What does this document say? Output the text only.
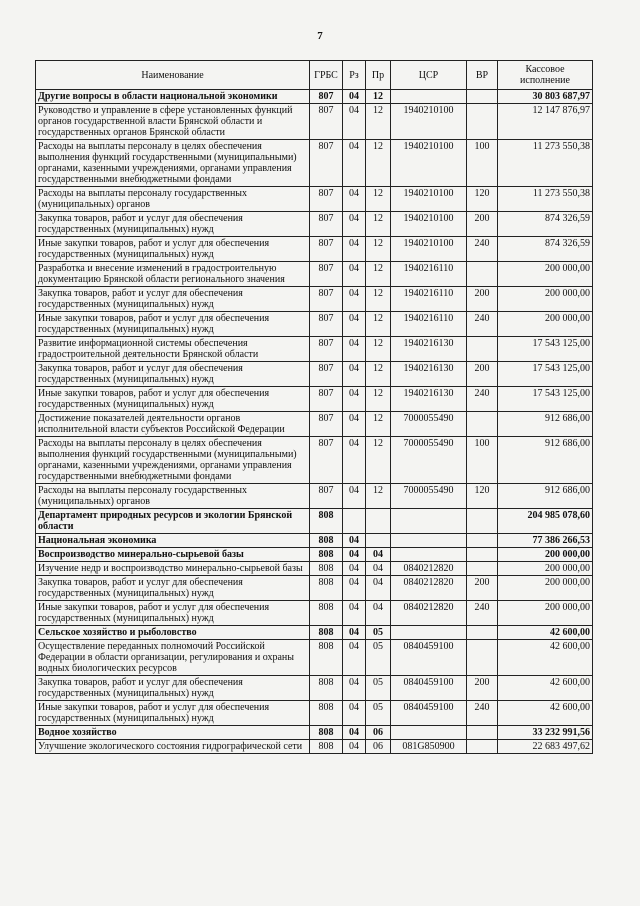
7
Наименование	ГРБС	Рз	Пр	ЦСР	ВР	Кассовое исполнение
Другие вопросы в области национальной экономики	807	04	12			30 803 687,97
Руководство и управление в сфере установленных функций органов государственной власти Брянской области и государственных органов Брянской области	807	04	12	1940210100		12 147 876,97
Расходы на выплаты персоналу в целях обеспечения выполнения функций государственными (муниципальными) органами, казенными учреждениями, органами управления государственными внебюджетными фондами	807	04	12	1940210100	100	11 273 550,38
Расходы на выплаты персоналу государственных (муниципальных) органов	807	04	12	1940210100	120	11 273 550,38
Закупка товаров, работ и услуг для обеспечения государственных (муниципальных) нужд	807	04	12	1940210100	200	874 326,59
Иные закупки товаров, работ и услуг для обеспечения государственных (муниципальных) нужд	807	04	12	1940210100	240	874 326,59
Разработка и внесение изменений в градостроительную документацию Брянской области регионального значения	807	04	12	1940216110		200 000,00
Закупка товаров, работ и услуг для обеспечения государственных (муниципальных) нужд	807	04	12	1940216110	200	200 000,00
Иные закупки товаров, работ и услуг для обеспечения государственных (муниципальных) нужд	807	04	12	1940216110	240	200 000,00
Развитие информационной системы обеспечения градостроительной деятельности Брянской области	807	04	12	1940216130		17 543 125,00
Закупка товаров, работ и услуг для обеспечения государственных (муниципальных) нужд	807	04	12	1940216130	200	17 543 125,00
Иные закупки товаров, работ и услуг для обеспечения государственных (муниципальных) нужд	807	04	12	1940216130	240	17 543 125,00
Достижение показателей деятельности органов исполнительной власти субъектов Российской Федерации	807	04	12	7000055490		912 686,00
Расходы на выплаты персоналу в целях обеспечения выполнения функций государственными (муниципальными) органами, казенными учреждениями, органами управления государственными внебюджетными фондами	807	04	12	7000055490	100	912 686,00
Расходы на выплаты персоналу государственных (муниципальных) органов	807	04	12	7000055490	120	912 686,00
Департамент природных ресурсов и экологии Брянской области	808					204 985 078,60
Национальная экономика	808	04				77 386 266,53
Воспроизводство минерально-сырьевой базы	808	04	04			200 000,00
Изучение недр и воспроизводство минерально-сырьевой базы	808	04	04	0840212820		200 000,00
Закупка товаров, работ и услуг для обеспечения государственных (муниципальных) нужд	808	04	04	0840212820	200	200 000,00
Иные закупки товаров, работ и услуг для обеспечения государственных (муниципальных) нужд	808	04	04	0840212820	240	200 000,00
Сельское хозяйство и рыболовство	808	04	05			42 600,00
Осуществление переданных полномочий Российской Федерации в области организации, регулирования и охраны водных биологических ресурсов	808	04	05	0840459100		42 600,00
Закупка товаров, работ и услуг для обеспечения государственных (муниципальных) нужд	808	04	05	0840459100	200	42 600,00
Иные закупки товаров, работ и услуг для обеспечения государственных (муниципальных) нужд	808	04	05	0840459100	240	42 600,00
Водное хозяйство	808	04	06			33 232 991,56
Улучшение экологического состояния гидрографической сети	808	04	06	081G850900		22 683 497,62
